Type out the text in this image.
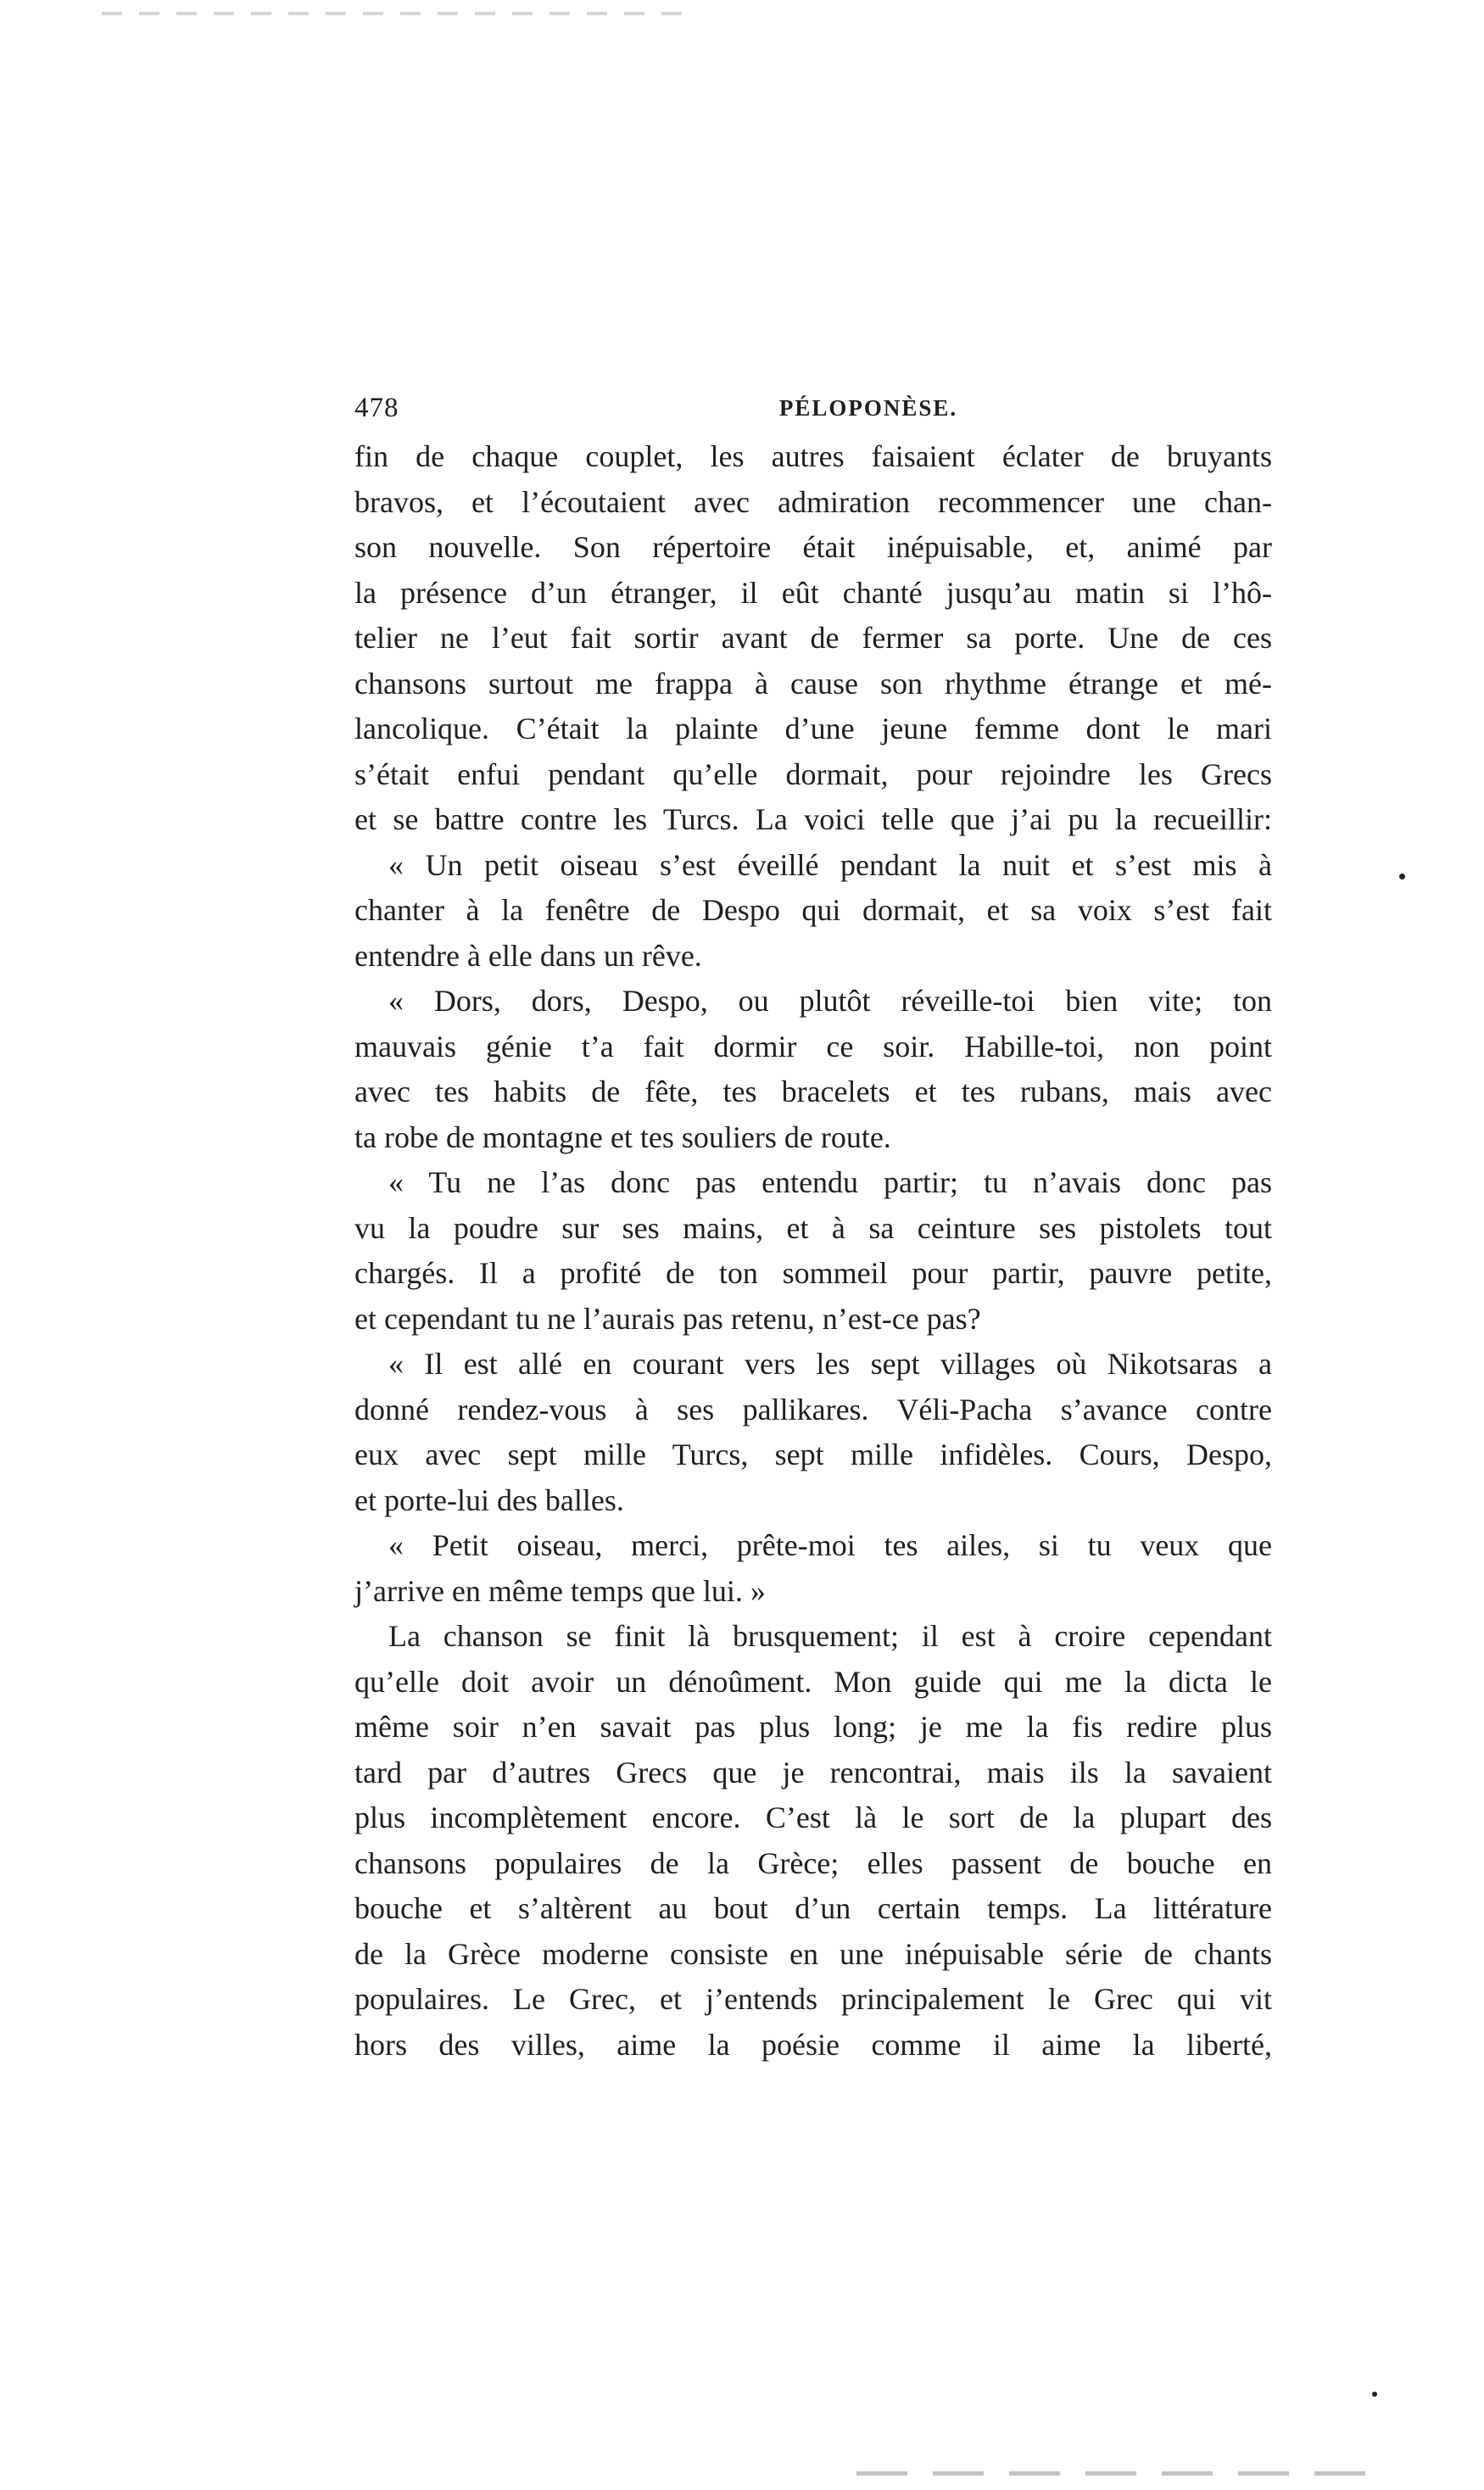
478	PÉLOPONÈSE.

fin de chaque couplet, les autres faisaient éclater de bruyants
bravos, et l’écoutaient avec admiration recommencer une chan-
son nouvelle. Son répertoire était inépuisable, et, animé par
la présence d’un étranger, il eût chanté jusqu’au matin si l’hô-
telier ne l’eut fait sortir avant de fermer sa porte. Une de ces
chansons surtout me frappa à cause son rhythme étrange et mé-
lancolique. C’était la plainte d’une jeune femme dont le mari
s’était enfui pendant qu’elle dormait, pour rejoindre les Grecs
et se battre contre les Turcs. La voici telle que j’ai pu la recueillir:

« Un petit oiseau s’est éveillé pendant la nuit et s’est mis à
chanter à la fenêtre de Despo qui dormait, et sa voix s’est fait
entendre à elle dans un rêve.

« Dors, dors, Despo, ou plutôt réveille-toi bien vite; ton
mauvais génie t’a fait dormir ce soir. Habille-toi, non point
avec tes habits de fête, tes bracelets et tes rubans, mais avec
ta robe de montagne et tes souliers de route.

« Tu ne l’as donc pas entendu partir; tu n’avais donc pas
vu la poudre sur ses mains, et à sa ceinture ses pistolets tout
chargés. Il a profité de ton sommeil pour partir, pauvre petite,
et cependant tu ne l’aurais pas retenu, n’est-ce pas?

« Il est allé en courant vers les sept villages où Nikotsaras a
donné rendez-vous à ses pallikares. Véli-Pacha s’avance contre
eux avec sept mille Turcs, sept mille infidèles. Cours, Despo,
et porte-lui des balles.

« Petit oiseau, merci, prête-moi tes ailes, si tu veux que
j’arrive en même temps que lui. »

La chanson se finit là brusquement; il est à croire cependant
qu’elle doit avoir un dénoûment. Mon guide qui me la dicta le
même soir n’en savait pas plus long; je me la fis redire plus
tard par d’autres Grecs que je rencontrai, mais ils la savaient
plus incomplètement encore. C’est là le sort de la plupart des
chansons populaires de la Grèce; elles passent de bouche en
bouche et s’altèrent au bout d’un certain temps. La littérature
de la Grèce moderne consiste en une inépuisable série de chants
populaires. Le Grec, et j’entends principalement le Grec qui vit
hors des villes, aime la poésie comme il aime la liberté,
